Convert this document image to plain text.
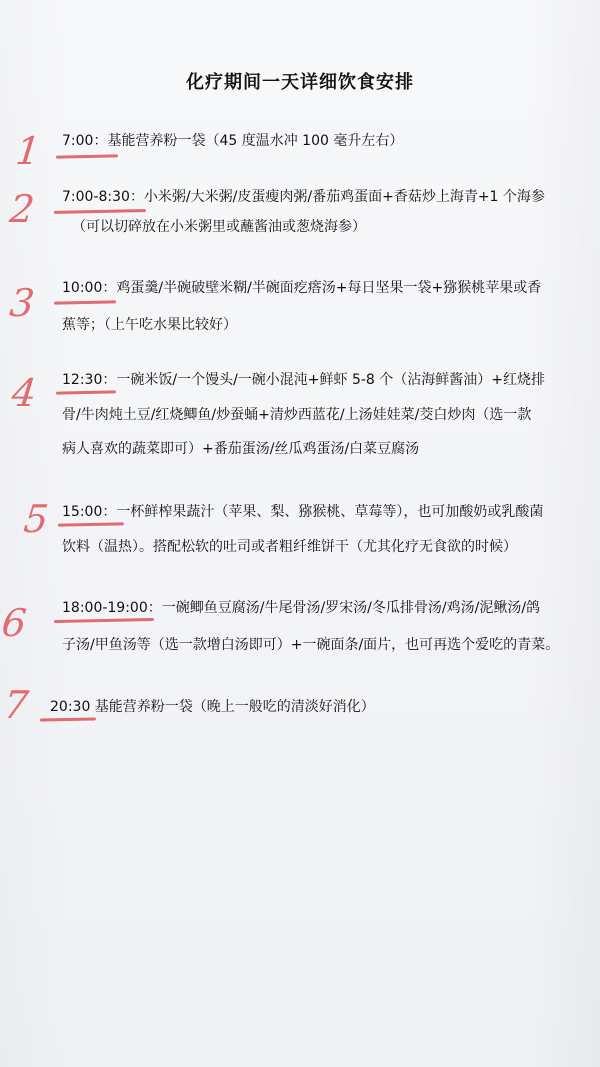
化疗期间一天详细饮食安排
1
2
3
4
5
6
7

7:00：基能营养粉一袋（45 度温水冲 100 毫升左右）

7:00-8:30：小米粥/大米粥/皮蛋瘦肉粥/番茄鸡蛋面+香菇炒上海青+1 个海参

（可以切碎放在小米粥里或蘸酱油或葱烧海参）

10:00：鸡蛋羹/半碗破壁米糊/半碗面疙瘩汤+每日坚果一袋+猕猴桃苹果或香

蕉等；（上午吃水果比较好）

12:30：一碗米饭/一个馒头/一碗小混沌+鲜虾 5-8 个（沾海鲜酱油）+红烧排

骨/牛肉炖土豆/红烧鲫鱼/炒蚕蛹+清炒西蓝花/上汤娃娃菜/茭白炒肉（选一款

病人喜欢的蔬菜即可）+番茄蛋汤/丝瓜鸡蛋汤/白菜豆腐汤

15:00：一杯鲜榨果蔬汁（苹果、梨、猕猴桃、草莓等），也可加酸奶或乳酸菌

饮料（温热）。搭配松软的吐司或者粗纤维饼干（尤其化疗无食欲的时候）

18:00-19:00：一碗鲫鱼豆腐汤/牛尾骨汤/罗宋汤/冬瓜排骨汤/鸡汤/泥鳅汤/鸽

子汤/甲鱼汤等（选一款增白汤即可）+一碗面条/面片，也可再选个爱吃的青菜。

20:30 基能营养粉一袋（晚上一般吃的清淡好消化）
